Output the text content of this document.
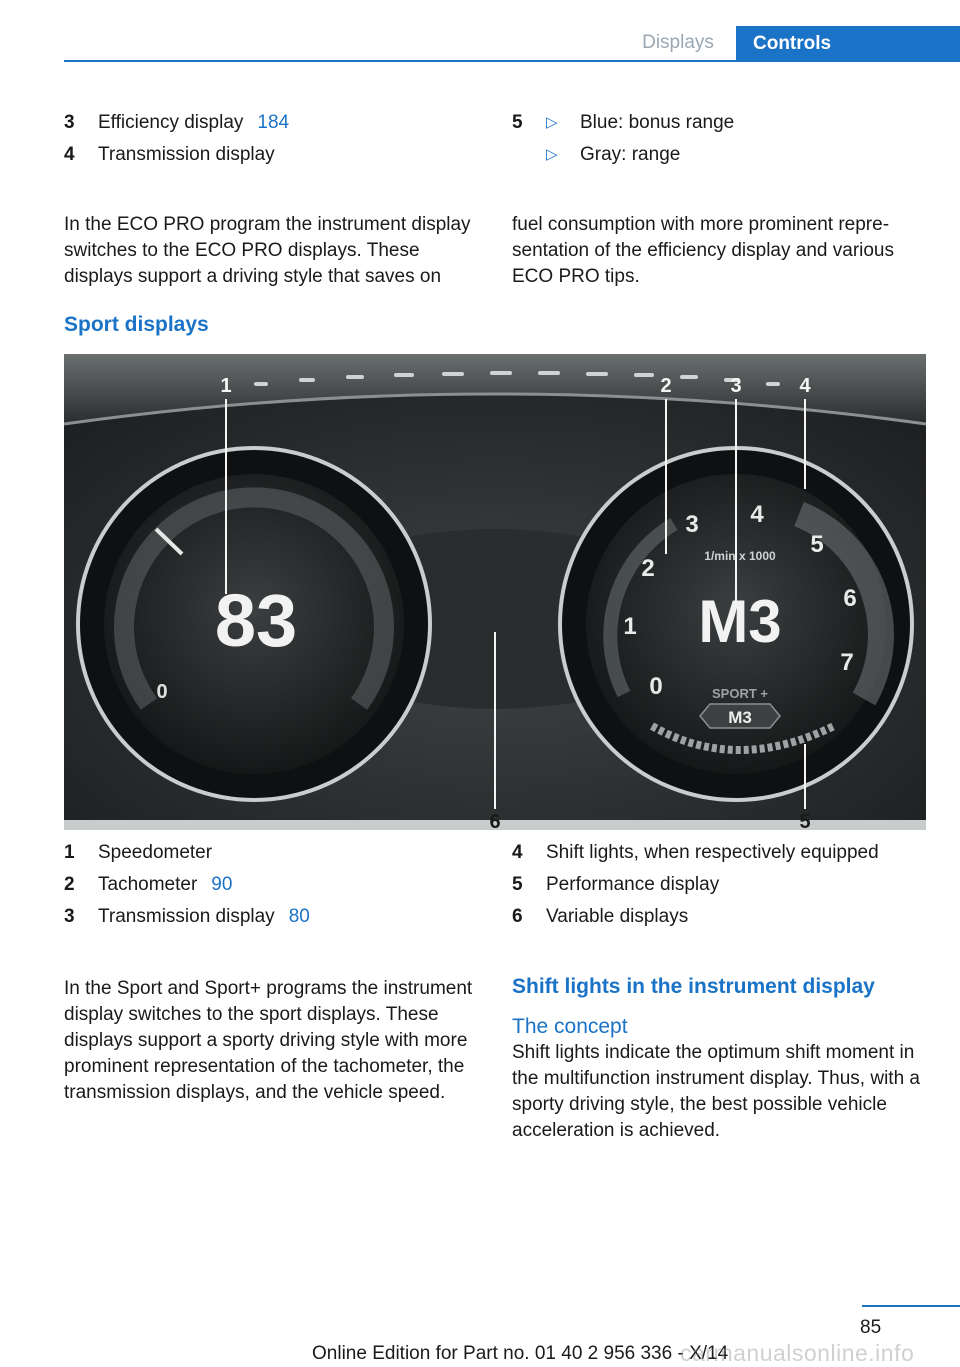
Displays	Controls
3	Efficiency display 184
4	Transmission display
5	▷	Blue: bonus range
▷	Gray: range
In the ECO PRO program the instrument display switches to the ECO PRO displays. These displays support a driving style that saves on
fuel consumption with more prominent representation of the efficiency display and various ECO PRO tips.
Sport displays
83
0	0
1
2
3 4
5
6
7
1/min x 1000
M3
SPORT +
M3
1	2	3	4
5
6
1	Speedometer
2	Tachometer 90
3	Transmission display 80
4	Shift lights, when respectively equipped
5	Performance display
6	Variable displays
In the Sport and Sport+ programs the instrument display switches to the sport displays. These displays support a sporty driving style with more prominent representation of the tachometer, the transmission displays, and the vehicle speed.
Shift lights in the instrument display
The concept
Shift lights indicate the optimum shift moment in the multifunction instrument display. Thus, with a sporty driving style, the best possible vehicle acceleration is achieved.
85
Online Edition for Part no. 01 40 2 956 336 - X/14
carmanualsonline.info
